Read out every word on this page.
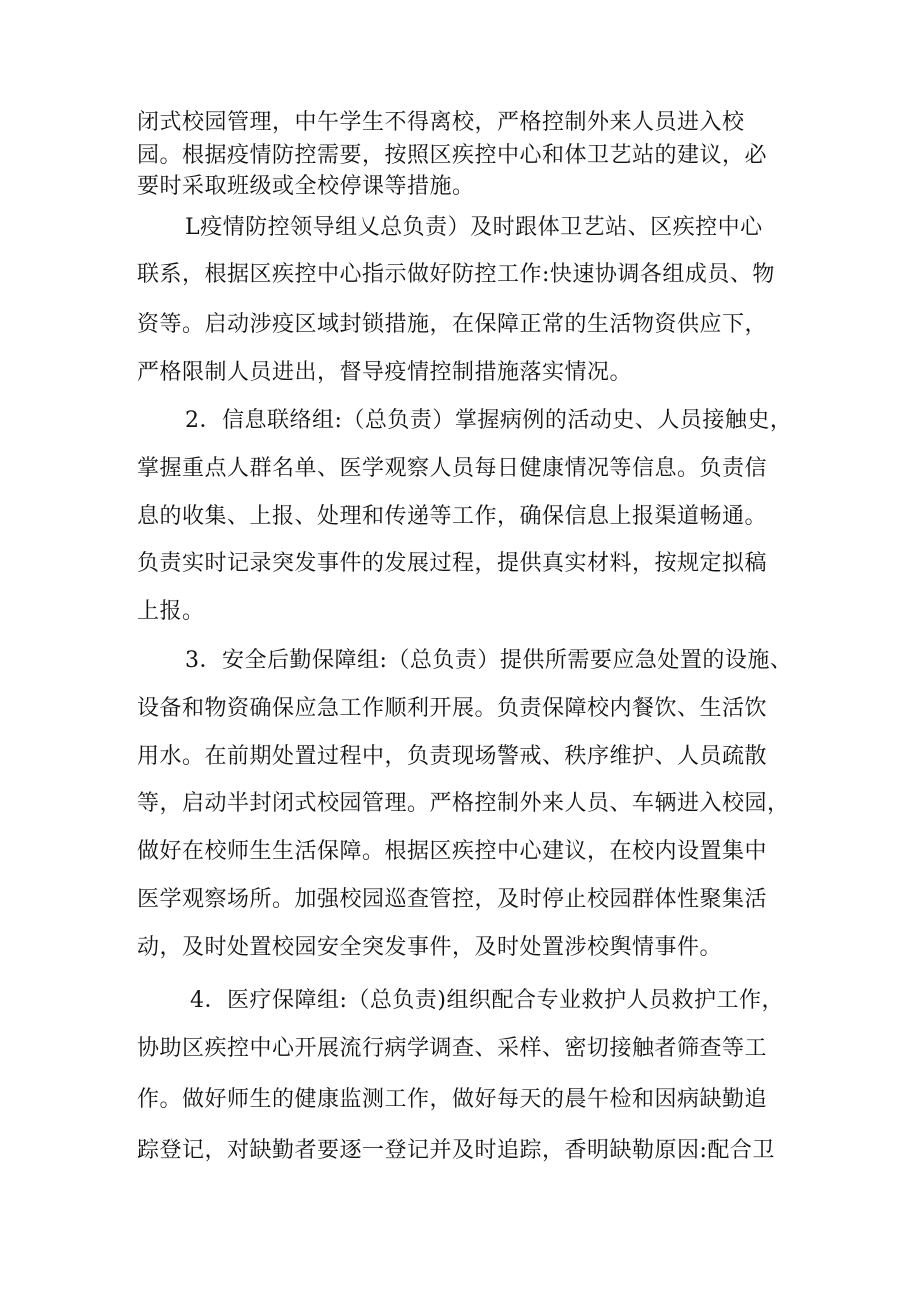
闭式校园管理，中午学生不得离校，严格控制外来人员进入校
园。根据疫情防控需要，按照区疾控中心和体卫艺站的建议，必
要时采取班级或全校停课等措施。
L疫情防控领导组乂总负责）及时跟体卫艺站、区疾控中心
联系，根据区疾控中心指示做好防控工作:快速协调各组成员、物
资等。启动涉疫区域封锁措施，在保障正常的生活物资供应下，
严格限制人员进出，督导疫情控制措施落实情况。
2．信息联络组:（总负责）掌握病例的活动史、人员接触史，
掌握重点人群名单、医学观察人员每日健康情况等信息。负责信
息的收集、上报、处理和传递等工作，确保信息上报渠道畅通。
负责实时记录突发事件的发展过程，提供真实材料，按规定拟稿
上报。
3．安全后勤保障组:（总负责）提供所需要应急处置的设施、
设备和物资确保应急工作顺利开展。负责保障校内餐饮、生活饮
用水。在前期处置过程中，负责现场警戒、秩序维护、人员疏散
等，启动半封闭式校园管理。严格控制外来人员、车辆进入校园，
做好在校师生生活保障。根据区疾控中心建议，在校内设置集中
医学观察场所。加强校园巡查管控，及时停止校园群体性聚集活
动，及时处置校园安全突发事件，及时处置涉校舆情事件。
4．医疗保障组:（总负责)组织配合专业救护人员救护工作，
协助区疾控中心开展流行病学调查、采样、密切接触者筛查等工
作。做好师生的健康监测工作，做好每天的晨午检和因病缺勤追
踪登记，对缺勤者要逐一登记并及时追踪，香明缺勒原因:配合卫
